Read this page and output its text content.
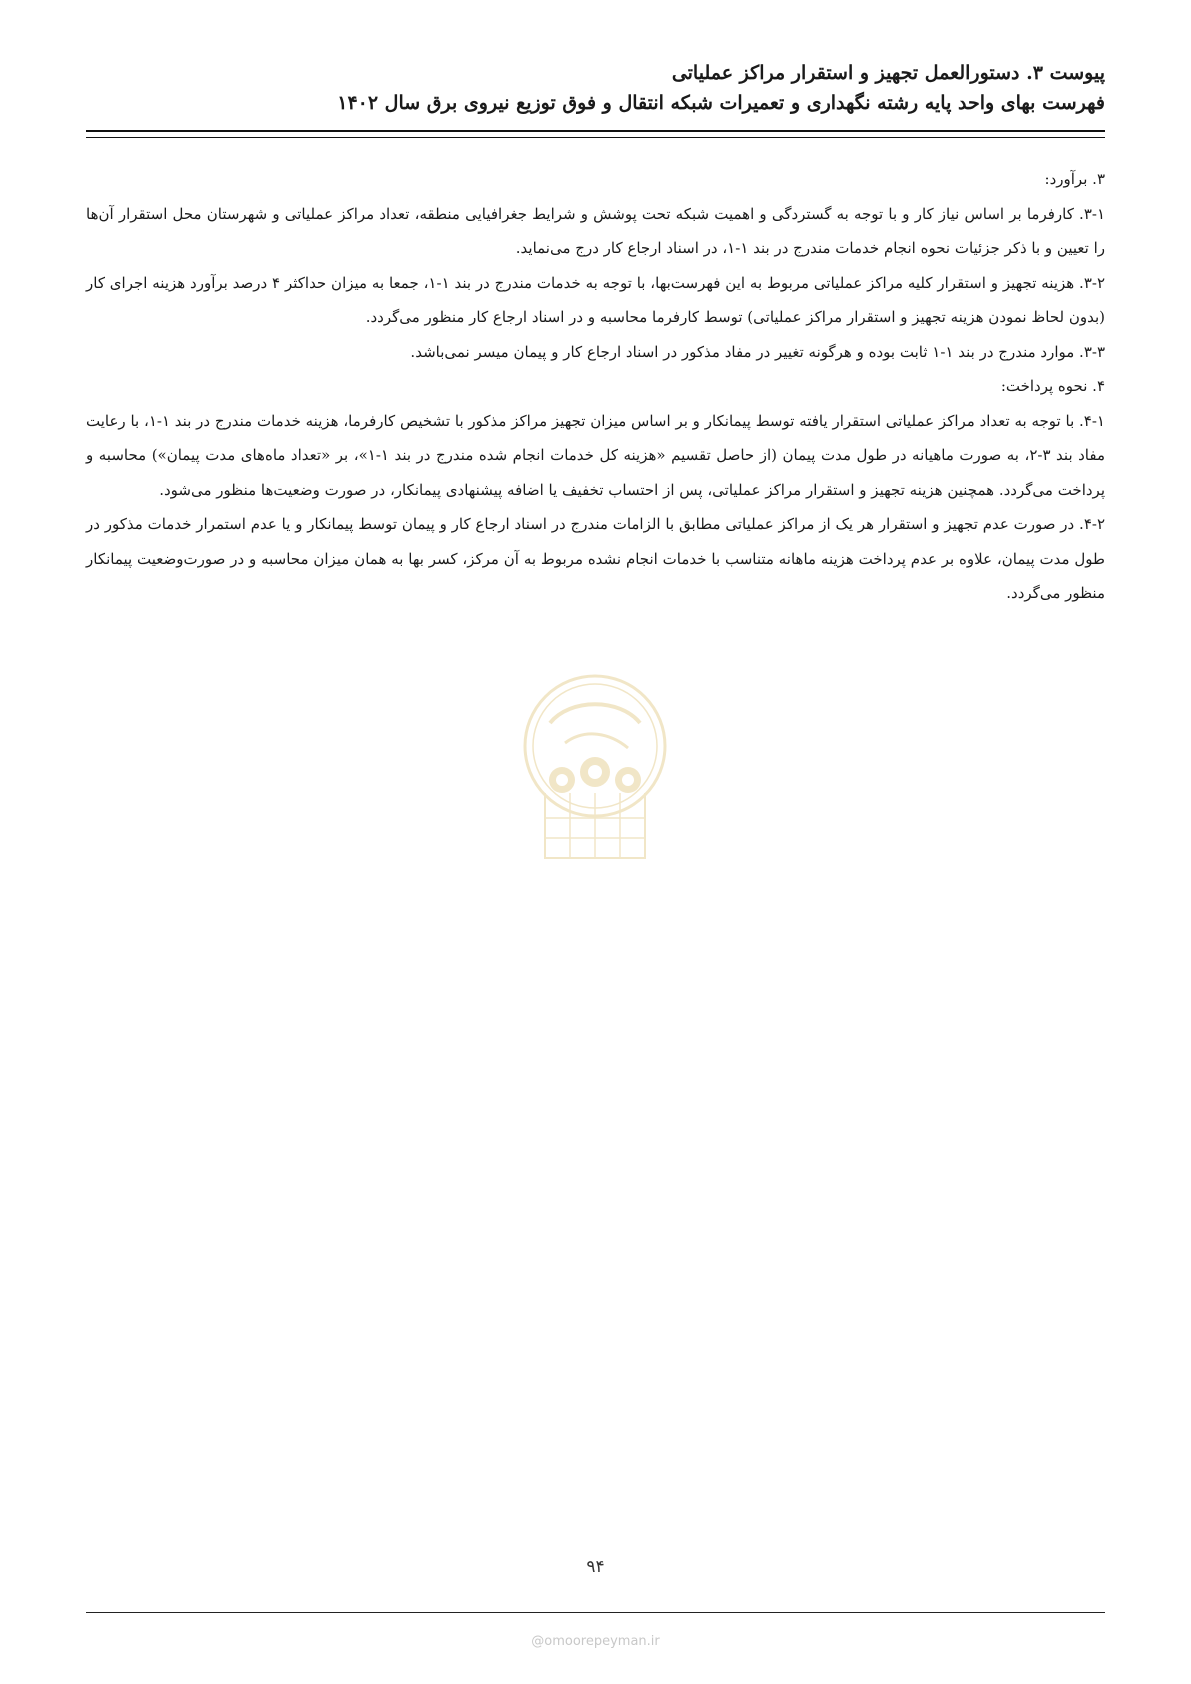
پیوست ۳. دستورالعمل تجهیز و استقرار مراکز عملیاتی
فهرست بهای واحد پایه رشته نگهداری و تعمیرات شبکه انتقال و فوق توزیع نیروی برق سال ۱۴۰۲

۳. برآورد:

۳-۱. کارفرما بر اساس نیاز کار و با توجه به گستردگی و اهمیت شبکه تحت پوشش و شرایط جغرافیایی منطقه، تعداد مراکز عملیاتی و شهرستان محل استقرار آن‌ها را تعیین و با ذکر جزئیات نحوه انجام خدمات مندرج در بند ۱-۱، در اسناد ارجاع کار درج می‌نماید.

۳-۲. هزینه تجهیز و استقرار کلیه مراکز عملیاتی مربوط به این فهرست‌بها، با توجه به خدمات مندرج در بند ۱-۱، جمعا به میزان حداکثر ۴ درصد برآورد هزینه اجرای کار (بدون لحاظ نمودن هزینه تجهیز و استقرار مراکز عملیاتی) توسط کارفرما محاسبه و در اسناد ارجاع کار منظور می‌گردد.

۳-۳. موارد مندرج در بند ۱-۱ ثابت بوده و هرگونه تغییر در مفاد مذکور در اسناد ارجاع کار و پیمان میسر نمی‌باشد.

۴. نحوه پرداخت:

۴-۱. با توجه به تعداد مراکز عملیاتی استقرار یافته توسط پیمانکار و بر اساس میزان تجهیز مراکز مذکور با تشخیص کارفرما، هزینه خدمات مندرج در بند ۱-۱، با رعایت مفاد بند ۳-۲، به صورت ماهیانه در طول مدت پیمان (از حاصل تقسیم «هزینه کل خدمات انجام شده مندرج در بند ۱-۱»، بر «تعداد ماه‌های مدت پیمان») محاسبه و پرداخت می‌گردد. همچنین هزینه تجهیز و استقرار مراکز عملیاتی، پس از احتساب تخفیف یا اضافه پیشنهادی پیمانکار، در صورت وضعیت‌ها منظور می‌شود.

۴-۲. در صورت عدم تجهیز و استقرار هر یک از مراکز عملیاتی مطابق با الزامات مندرج در اسناد ارجاع کار و پیمان توسط پیمانکار و یا عدم استمرار خدمات مذکور در طول مدت پیمان، علاوه بر عدم پرداخت هزینه ماهانه متناسب با خدمات انجام نشده مربوط به آن مرکز، کسر بها به همان میزان محاسبه و در صورت‌وضعیت پیمانکار منظور می‌گردد.

۹۴
@omoorepeyman.ir
